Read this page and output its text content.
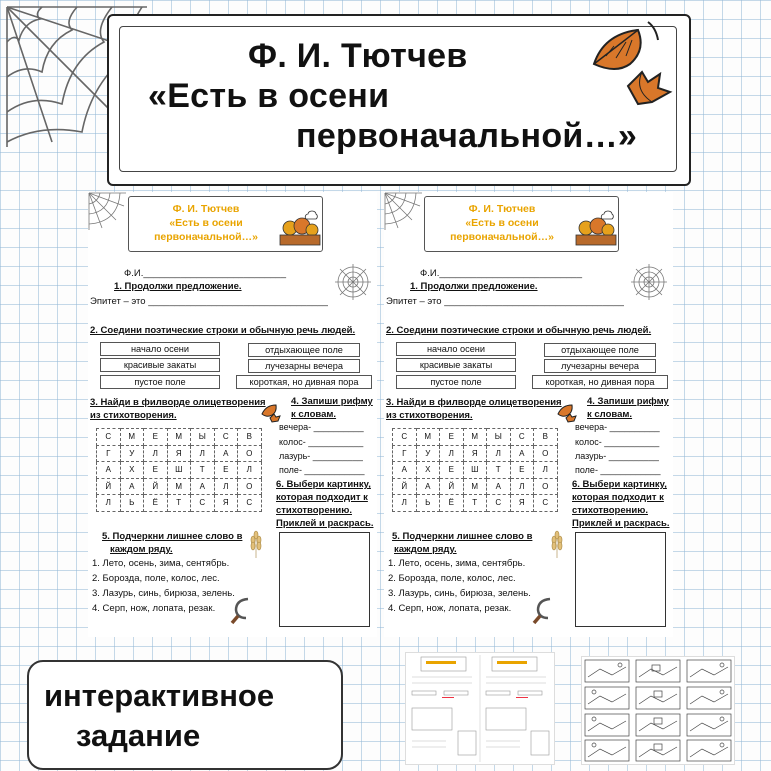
Ф. И. Тютчев
«Есть в осени
первоначальной…»
Ф. И. Тютчев
«Есть в осени
первоначальной…»
Ф.И.___________________________
1. Продолжи предложение.
Эпитет – это __________________________________
2. Соедини поэтические строки и обычную речь людей.
начало осени
красивые закаты
пустое поле
отдыхающее поле
лучезарны вечера
короткая, но дивная пора
3. Найди в филворде олицетворения
из стихотворения.
С	М	Е	М	Ы	С	В
Г	У	Л	Я	Л	А	О
А	Х	Е	Ш	Т	Е	Л
Й	А	Й	М	А	Л	О
Л	Ь	Ё	Т	С	Я	С
4. Запиши рифму
к словам.
вечера- __________
колос- ___________
лазурь- __________
поле- ____________
6. Выбери картинку,
которая подходит к
стихотворению.
Приклей и раскрась.
5. Подчеркни лишнее слово в
каждом ряду.
1. Лето, осень, зима, сентябрь.
2. Борозда, поле, колос, лес.
3. Лазурь, синь, бирюза, зелень.
4. Серп, нож, лопата, резак.
Ф. И. Тютчев
«Есть в осени
первоначальной…»
Ф.И.___________________________
1. Продолжи предложение.
Эпитет – это __________________________________
2. Соедини поэтические строки и обычную речь людей.
начало осени
красивые закаты
пустое поле
отдыхающее поле
лучезарны вечера
короткая, но дивная пора
3. Найди в филворде олицетворения
из стихотворения.
С	М	Е	М	Ы	С	В
Г	У	Л	Я	Л	А	О
А	Х	Е	Ш	Т	Е	Л
Й	А	Й	М	А	Л	О
Л	Ь	Ё	Т	С	Я	С
4. Запиши рифму
к словам.
вечера- __________
колос- ___________
лазурь- __________
поле- ____________
6. Выбери картинку,
которая подходит к
стихотворению.
Приклей и раскрась.
5. Подчеркни лишнее слово в
каждом ряду.
1. Лето, осень, зима, сентябрь.
2. Борозда, поле, колос, лес.
3. Лазурь, синь, бирюза, зелень.
4. Серп, нож, лопата, резак.
интерактивное
задание
